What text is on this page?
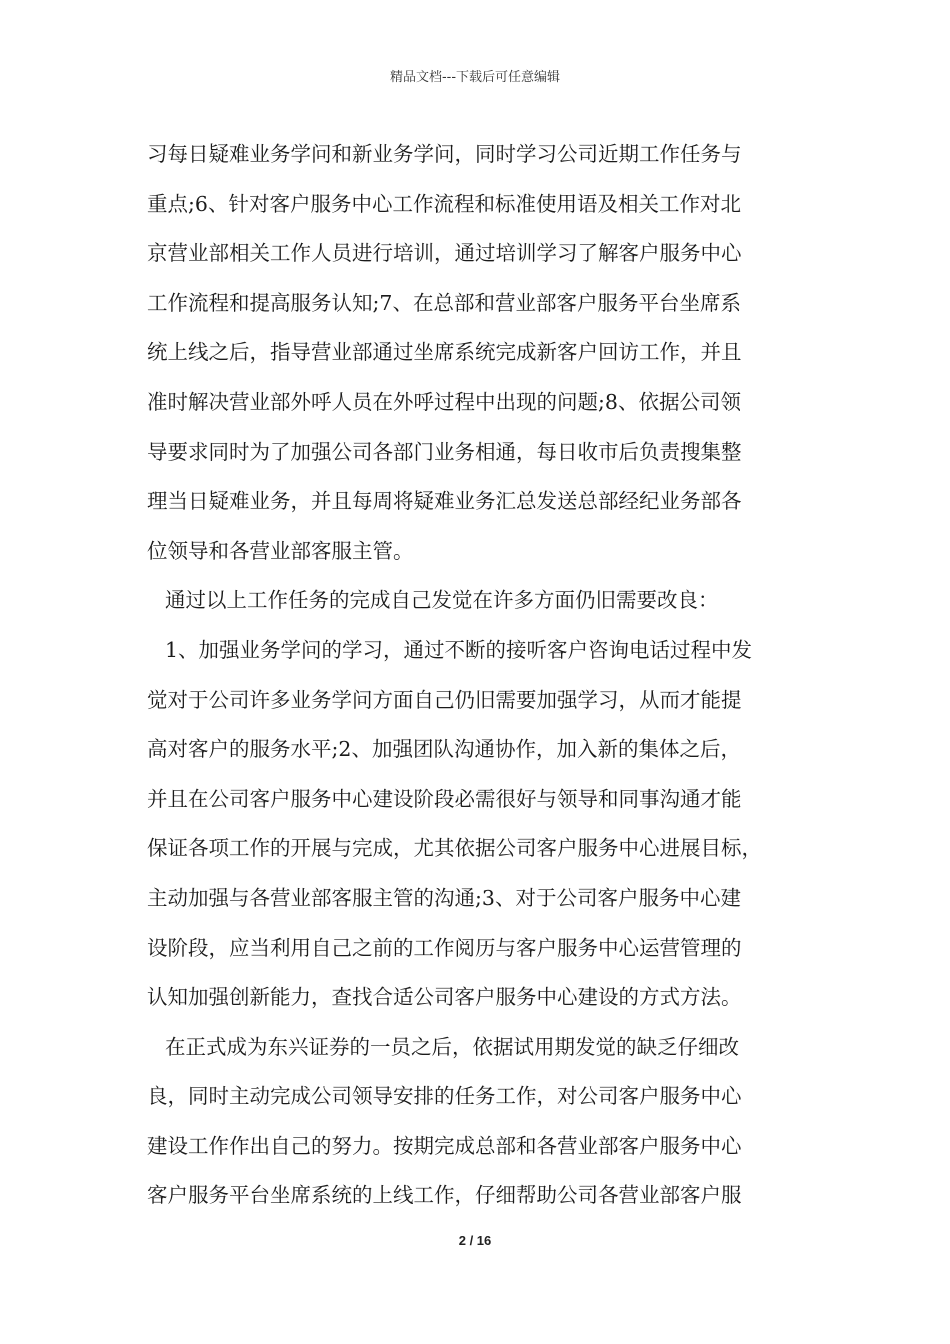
精品文档---下载后可任意编辑
习每日疑难业务学问和新业务学问，同时学习公司近期工作任务与
重点;6、针对客户服务中心工作流程和标准使用语及相关工作对北
京营业部相关工作人员进行培训，通过培训学习了解客户服务中心
工作流程和提高服务认知;7、在总部和营业部客户服务平台坐席系
统上线之后，指导营业部通过坐席系统完成新客户回访工作，并且
准时解决营业部外呼人员在外呼过程中出现的问题;8、依据公司领
导要求同时为了加强公司各部门业务相通，每日收市后负责搜集整
理当日疑难业务，并且每周将疑难业务汇总发送总部经纪业务部各
位领导和各营业部客服主管。
通过以上工作任务的完成自己发觉在许多方面仍旧需要改良：
1、加强业务学问的学习，通过不断的接听客户咨询电话过程中发
觉对于公司许多业务学问方面自己仍旧需要加强学习，从而才能提
高对客户的服务水平;2、加强团队沟通协作，加入新的集体之后，
并且在公司客户服务中心建设阶段必需很好与领导和同事沟通才能
保证各项工作的开展与完成，尤其依据公司客户服务中心进展目标，
主动加强与各营业部客服主管的沟通;3、对于公司客户服务中心建
设阶段，应当利用自己之前的工作阅历与客户服务中心运营管理的
认知加强创新能力，查找合适公司客户服务中心建设的方式方法。
在正式成为东兴证券的一员之后，依据试用期发觉的缺乏仔细改
良，同时主动完成公司领导安排的任务工作，对公司客户服务中心
建设工作作出自己的努力。按期完成总部和各营业部客户服务中心
客户服务平台坐席系统的上线工作，仔细帮助公司各营业部客户服
2 / 16
